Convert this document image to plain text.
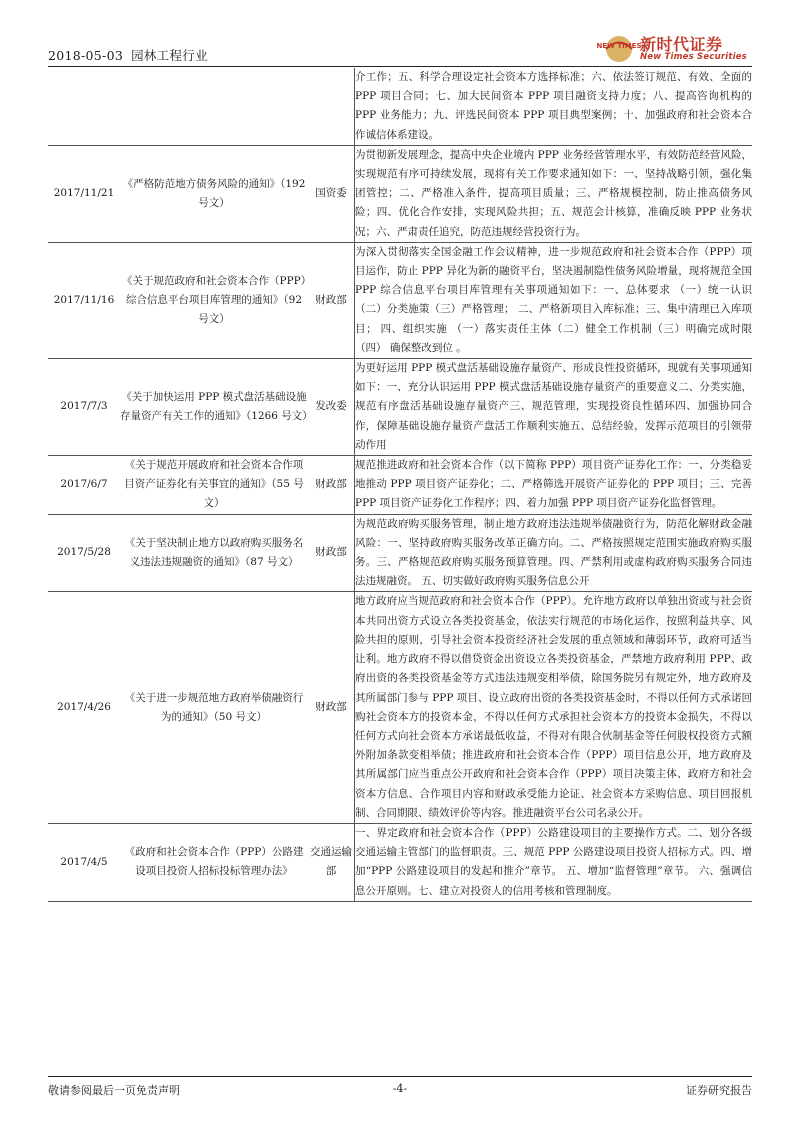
2018-05-03 园林工程行业
NEW TIMES
新时代证券
New Times Securities
			介工作；五、科学合理设定社会资本方选择标准；六、依法签订规范、有效、全面的 PPP 项目合同；七、加大民间资本 PPP 项目融资支持力度；八、提高咨询机构的 PPP 业务能力；九、评选民间资本 PPP 项目典型案例；十、加强政府和社会资本合作诚信体系建设。
2017/11/21	《严格防范地方债务风险的通知》（192 号文）	国资委	为贯彻新发展理念，提高中央企业境内 PPP 业务经营管理水平，有效防范经营风险，实现规范有序可持续发展，现将有关工作要求通知如下：一、坚持战略引领，强化集团管控；二、严格准入条件，提高项目质量；三、严格规模控制，防止推高债务风险；四、优化合作安排，实现风险共担；五、规范会计核算，准确反映 PPP 业务状况；六、严肃责任追究，防范违规经营投资行为。
2017/11/16	《关于规范政府和社会资本合作（PPP）综合信息平台项目库管理的通知》（92 号文）	财政部	为深入贯彻落实全国金融工作会议精神，进一步规范政府和社会资本合作（PPP）项目运作，防止 PPP 异化为新的融资平台，坚决遏制隐性债务风险增量，现将规范全国 PPP 综合信息平台项目库管理有关事项通知如下：一、总体要求 （一）统一认识（二）分类施策（三）严格管理； 二、严格新项目入库标准；三、集中清理已入库项目； 四、组织实施 （一）落实责任主体（二）健全工作机制（三）明确完成时限（四） 确保整改到位 。
2017/7/3	《关于加快运用 PPP 模式盘活基础设施存量资产有关工作的通知》（1266 号文）	发改委	为更好运用 PPP 模式盘活基础设施存量资产、形成良性投资循环，现就有关事项通知如下：一、充分认识运用 PPP 模式盘活基础设施存量资产的重要意义二、分类实施，规范有序盘活基础设施存量资产三、规范管理，实现投资良性循环四、加强协同合作，保障基础设施存量资产盘活工作顺利实施五、总结经验，发挥示范项目的引领带动作用
2017/6/7	《关于规范开展政府和社会资本合作项目资产证券化有关事宜的通知》（55 号文）	财政部	规范推进政府和社会资本合作（以下简称 PPP）项目资产证券化工作：一、分类稳妥地推动 PPP 项目资产证券化；二、严格筛选开展资产证券化的 PPP 项目；三、完善 PPP 项目资产证券化工作程序；四、着力加强 PPP 项目资产证券化监督管理。
2017/5/28	《关于坚决制止地方以政府购买服务名义违法违规融资的通知》（87 号文）	财政部	为规范政府购买服务管理，制止地方政府违法违规举债融资行为，防范化解财政金融风险：一、坚持政府购买服务改革正确方向。二、严格按照规定范围实施政府购买服务。三、严格规范政府购买服务预算管理。四、严禁利用或虚构政府购买服务合同违法违规融资。 五、切实做好政府购买服务信息公开
2017/4/26	《关于进一步规范地方政府举债融资行为的通知》（50 号文）	财政部	地方政府应当规范政府和社会资本合作（PPP）。允许地方政府以单独出资或与社会资本共同出资方式设立各类投资基金，依法实行规范的市场化运作，按照利益共享、风险共担的原则，引导社会资本投资经济社会发展的重点领域和薄弱环节，政府可适当让利。地方政府不得以借贷资金出资设立各类投资基金，严禁地方政府利用 PPP、政府出资的各类投资基金等方式违法违规变相举债，除国务院另有规定外，地方政府及其所属部门参与 PPP 项目、设立政府出资的各类投资基金时，不得以任何方式承诺回购社会资本方的投资本金，不得以任何方式承担社会资本方的投资本金损失，不得以任何方式向社会资本方承诺最低收益，不得对有限合伙制基金等任何股权投资方式额外附加条款变相举债；推进政府和社会资本合作（PPP）项目信息公开，地方政府及其所属部门应当重点公开政府和社会资本合作（PPP）项目决策主体、政府方和社会资本方信息、合作项目内容和财政承受能力论证、社会资本方采购信息、项目回报机制、合同期限、绩效评价等内容。推进融资平台公司名录公开。
2017/4/5	《政府和社会资本合作（PPP）公路建设项目投资人招标投标管理办法》	交通运输部	一、界定政府和社会资本合作（PPP）公路建设项目的主要操作方式。二、划分各级交通运输主管部门的监督职责。三、规范 PPP 公路建设项目投资人招标方式。四、增加“PPP 公路建设项目的发起和推介”章节。 五、增加“监督管理”章节。 六、强调信息公开原则。七、建立对投资人的信用考核和管理制度。
敬请参阅最后一页免责声明	-4-	证券研究报告
